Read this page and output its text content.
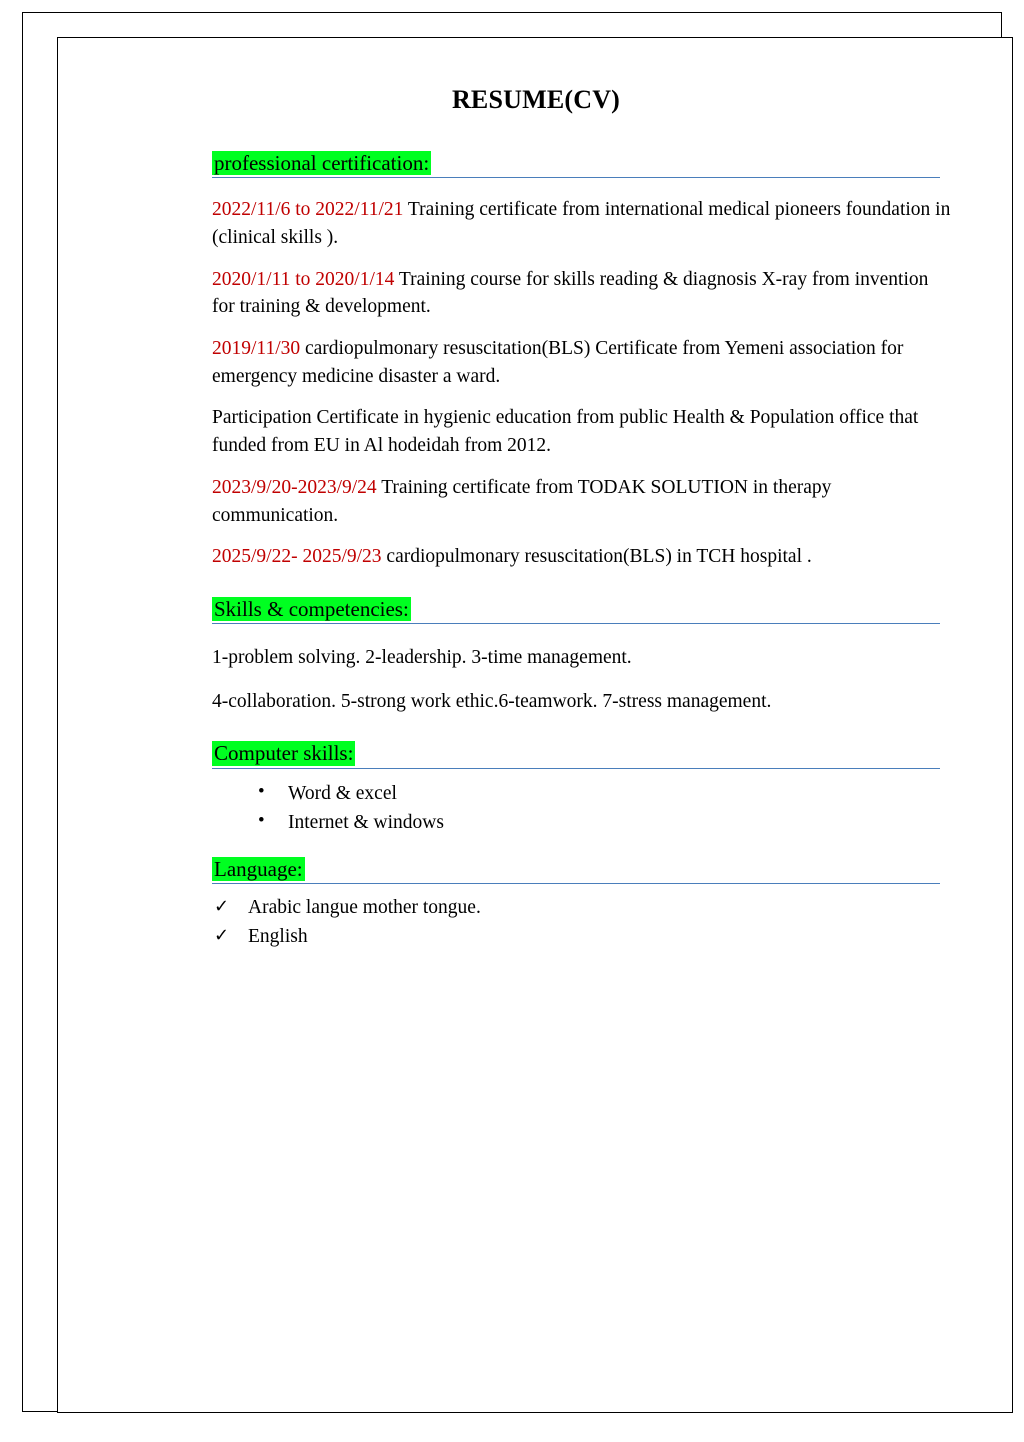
RESUME(CV)
professional certification:

2022/11/6 to 2022/11/21 Training certificate from international medical pioneers foundation in (clinical skills ).

2020/1/11 to 2020/1/14 Training course for skills reading & diagnosis X-ray from invention for training & development.

2019/11/30 cardiopulmonary resuscitation(BLS) Certificate from Yemeni association for emergency medicine disaster a ward.

Participation Certificate in hygienic education from public Health & Population office that funded from EU in Al hodeidah from 2012.

2023/9/20-2023/9/24 Training certificate from TODAK SOLUTION in therapy communication.

2025/9/22- 2025/9/23 cardiopulmonary resuscitation(BLS) in TCH hospital .

Skills & competencies:
1-problem solving. 2-leadership. 3-time management.
4-collaboration. 5-strong work ethic.6-teamwork. 7-stress management.
Computer skills:
• Word & excel
• Internet & windows
Language:
✓ Arabic langue mother tongue.
✓ English
